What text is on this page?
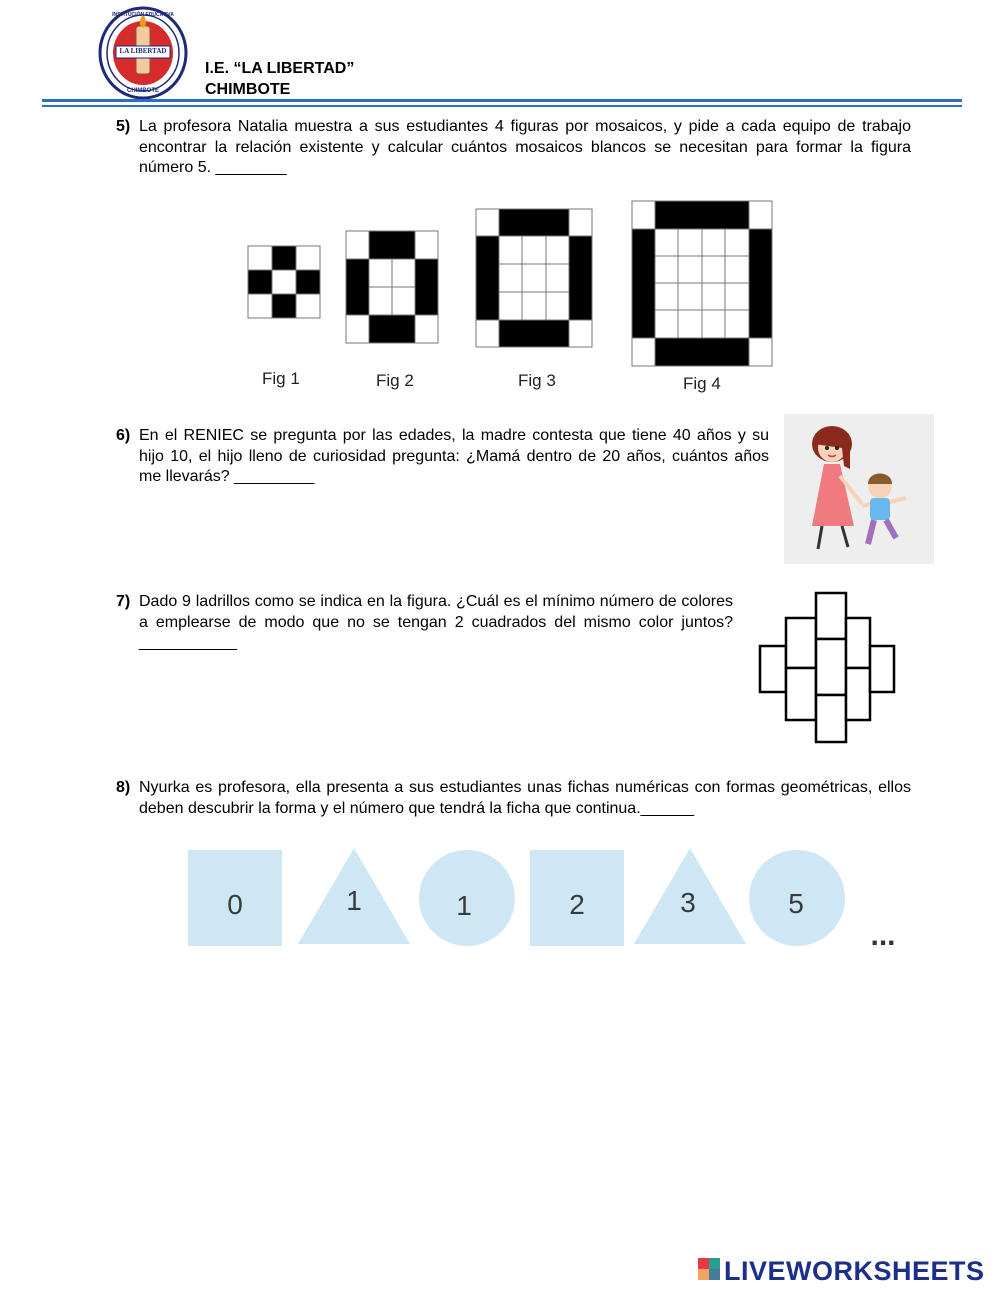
LA LIBERTAD
INSTITUCIÓN EDUCATIVA
CHIMBOTE
I.E. “LA LIBERTAD”
CHIMBOTE
5) La profesora Natalia muestra a sus estudiantes 4 figuras por mosaicos, y pide a cada equipo de trabajo encontrar la relación existente y calcular cuántos mosaicos blancos se necesitan para formar la figura número 5. ________
Fig 1	Fig 2	Fig 3	Fig 4
6) En el RENIEC se pregunta por las edades, la madre contesta que tiene 40 años y su hijo 10, el hijo lleno de curiosidad pregunta: ¿Mamá dentro de 20 años, cuántos años me llevarás? _________
7) Dado 9 ladrillos como se indica en la figura. ¿Cuál es el mínimo número de colores a emplearse de modo que no se tengan 2 cuadrados del mismo color juntos? ___________
8) Nyurka es profesora, ella presenta a sus estudiantes unas fichas numéricas con formas geométricas, ellos deben descubrir la forma y el número que tendrá la ficha que continua.______
0	1	1	2	3	5
...
LIVEWORKSHEETS
